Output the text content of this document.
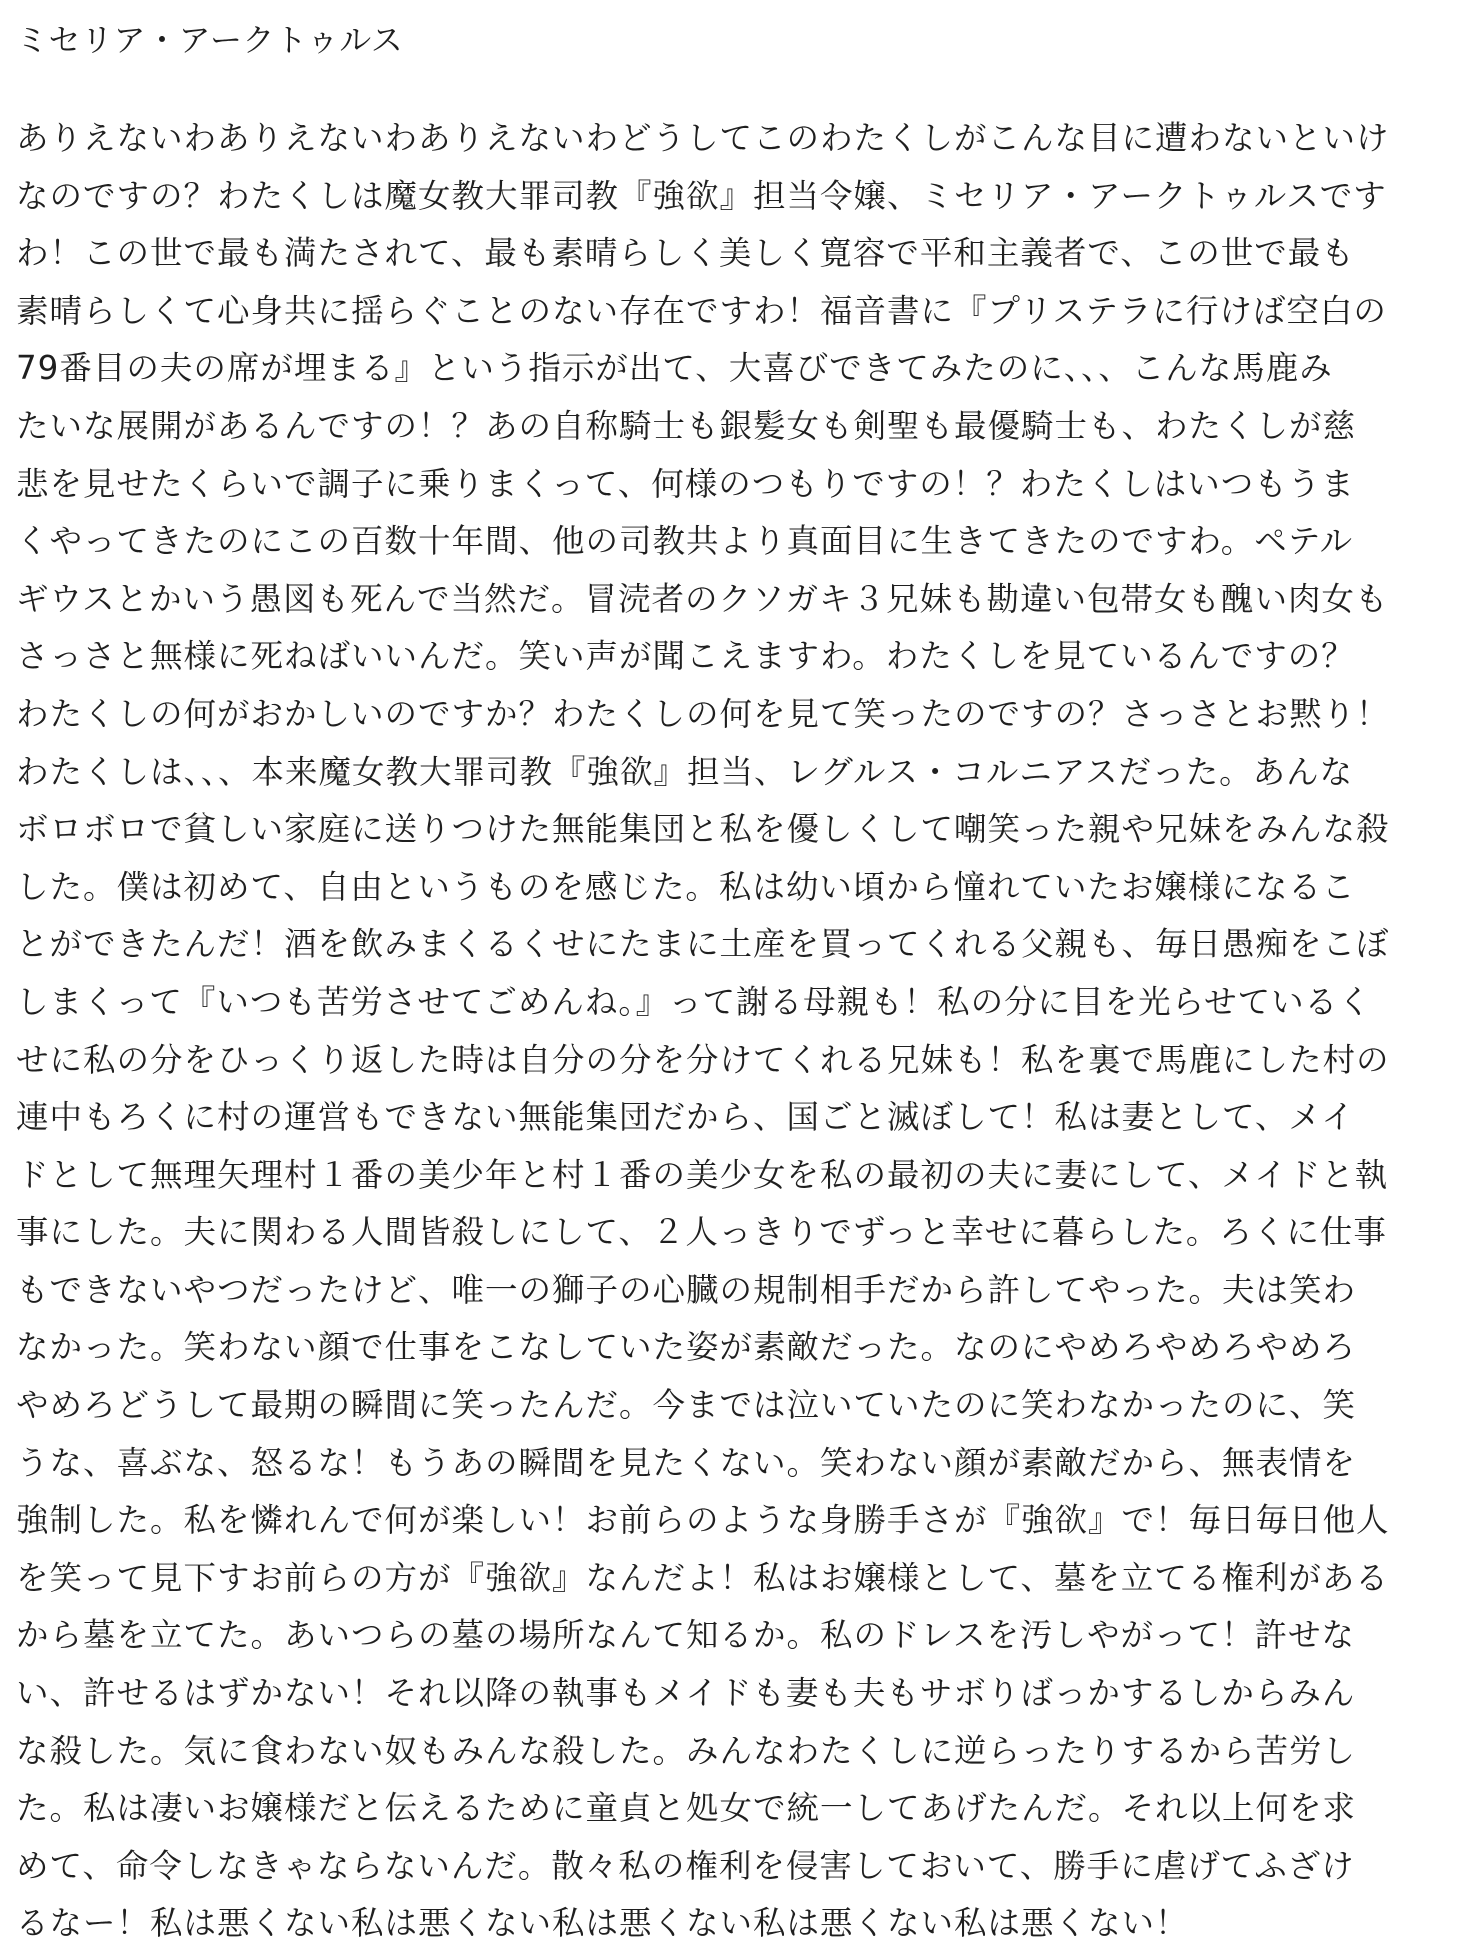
ミセリア・アークトゥルス

ありえないわありえないわありえないわどうしてこのわたくしがこんな目に遭わないといけ
なのですの？わたくしは魔女教大罪司教『強欲』担当令嬢、ミセリア・アークトゥルスです
わ！この世で最も満たされて、最も素晴らしく美しく寛容で平和主義者で、この世で最も
素晴らしくて心身共に揺らぐことのない存在ですわ！福音書に『プリステラに行けば空白の
79番目の夫の席が埋まる』という指示が出て、大喜びできてみたのに、、、こんな馬鹿み
たいな展開があるんですの！？あの自称騎士も銀髪女も剣聖も最優騎士も、わたくしが慈
悲を見せたくらいで調子に乗りまくって、何様のつもりですの！？わたくしはいつもうま
くやってきたのにこの百数十年間、他の司教共より真面目に生きてきたのですわ。ペテル
ギウスとかいう愚図も死んで当然だ。冒涜者のクソガキ３兄妹も勘違い包帯女も醜い肉女も
さっさと無様に死ねばいいんだ。笑い声が聞こえますわ。わたくしを見ているんですの？
わたくしの何がおかしいのですか？わたくしの何を見て笑ったのですの？さっさとお黙り！
わたくしは、、、本来魔女教大罪司教『強欲』担当、レグルス・コルニアスだった。あんな
ボロボロで貧しい家庭に送りつけた無能集団と私を優しくして嘲笑った親や兄妹をみんな殺
した。僕は初めて、自由というものを感じた。私は幼い頃から憧れていたお嬢様になるこ
とができたんだ！酒を飲みまくるくせにたまに土産を買ってくれる父親も、毎日愚痴をこぼ
しまくって『いつも苦労させてごめんね。』って謝る母親も！私の分に目を光らせているく
せに私の分をひっくり返した時は自分の分を分けてくれる兄妹も！私を裏で馬鹿にした村の
連中もろくに村の運営もできない無能集団だから、国ごと滅ぼして！私は妻として、メイ
ドとして無理矢理村１番の美少年と村１番の美少女を私の最初の夫に妻にして、メイドと執
事にした。夫に関わる人間皆殺しにして、２人っきりでずっと幸せに暮らした。ろくに仕事
もできないやつだったけど、唯一の獅子の心臓の規制相手だから許してやった。夫は笑わ
なかった。笑わない顔で仕事をこなしていた姿が素敵だった。なのにやめろやめろやめろ
やめろどうして最期の瞬間に笑ったんだ。今までは泣いていたのに笑わなかったのに、笑
うな、喜ぶな、怒るな！もうあの瞬間を見たくない。笑わない顔が素敵だから、無表情を
強制した。私を憐れんで何が楽しい！お前らのような身勝手さが『強欲』で！毎日毎日他人
を笑って見下すお前らの方が『強欲』なんだよ！私はお嬢様として、墓を立てる権利がある
から墓を立てた。あいつらの墓の場所なんて知るか。私のドレスを汚しやがって！許せな
い、許せるはずかない！それ以降の執事もメイドも妻も夫もサボりばっかするしからみん
な殺した。気に食わない奴もみんな殺した。みんなわたくしに逆らったりするから苦労し
た。私は凄いお嬢様だと伝えるために童貞と処女で統一してあげたんだ。それ以上何を求
めて、命令しなきゃならないんだ。散々私の権利を侵害しておいて、勝手に虐げてふざけ
るなー！私は悪くない私は悪くない私は悪くない私は悪くない私は悪くない！
